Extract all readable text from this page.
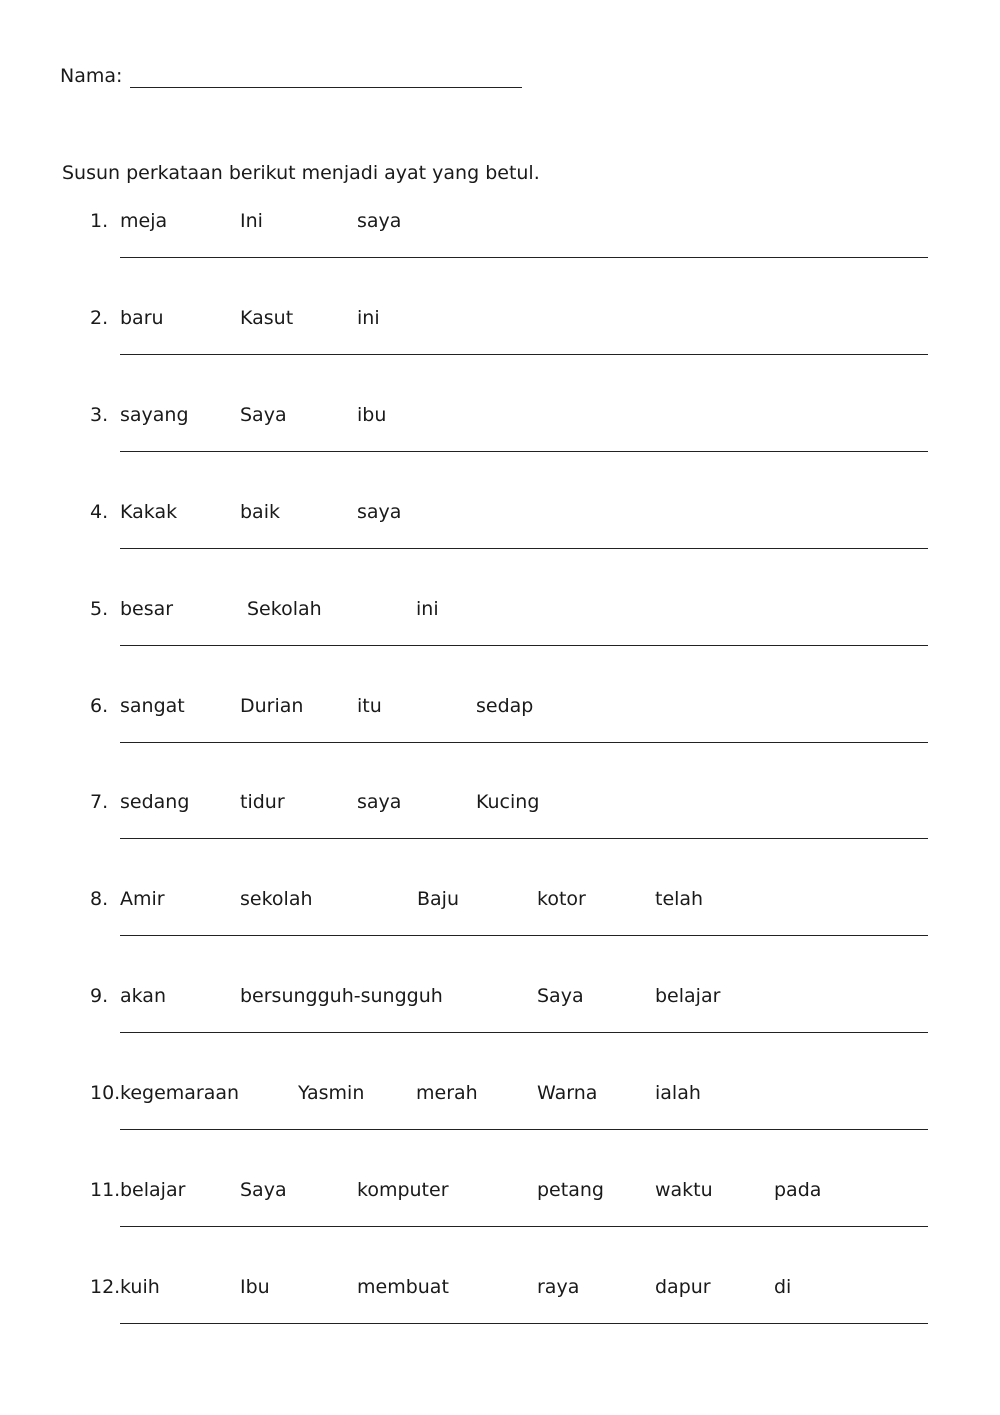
Nama:
Susun perkataan berikut menjadi ayat yang betul.
1. meja	Ini	saya
2. baru	Kasut	ini
3. sayang	Saya	ibu
4. Kakak	baik	saya
5. besar	Sekolah	ini
6. sangat	Durian	itu	sedap
7. sedang	tidur	saya	Kucing
8. Amir	sekolah	Baju	kotor	telah
9. akan	bersungguh-sungguh	Saya	belajar
10. kegemaraan	Yasmin	merah	Warna	ialah
11. belajar	Saya	komputer	petang	waktu	pada
12. kuih	Ibu	membuat	raya	dapur	di
